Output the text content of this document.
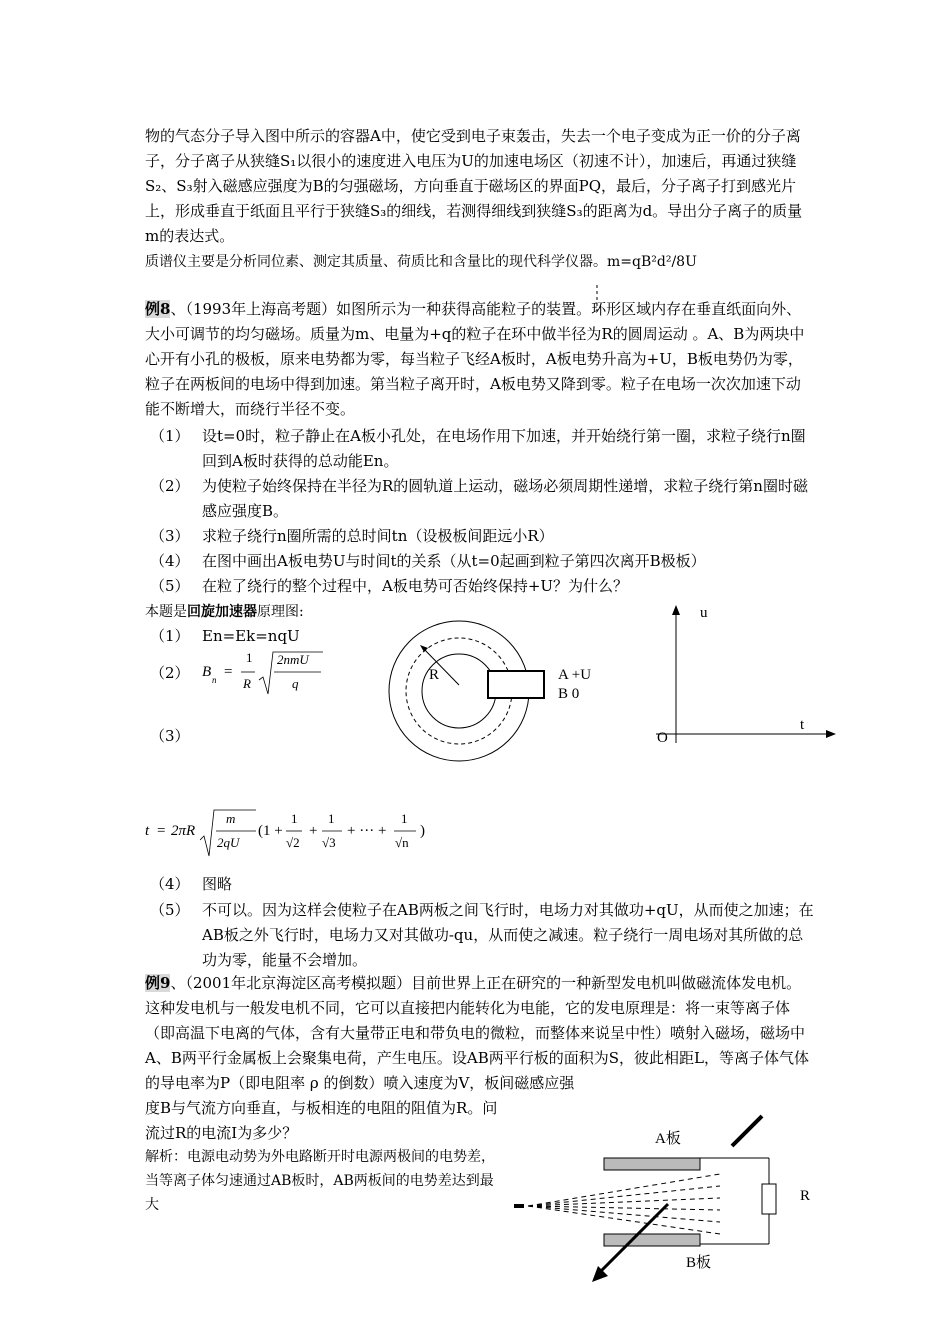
物的气态分子导入图中所示的容器A中，使它受到电子束轰击，失去一个电子变成为正一价的分子离子，分子离子从狭缝S₁以很小的速度进入电压为U的加速电场区（初速不计），加速后，再通过狭缝S₂、S₃射入磁感应强度为B的匀强磁场，方向垂直于磁场区的界面PQ，最后，分子离子打到感光片上，形成垂直于纸面且平行于狭缝S₃的细线，若测得细线到狭缝S₃的距离为d。导出分子离子的质量m的表达式。
质谱仪主要是分析同位素、测定其质量、荷质比和含量比的现代科学仪器。m=qB²d²/8U
例8、（1993年上海高考题）如图所示为一种获得高能粒子的装置。环形区域内存在垂直纸面向外、大小可调节的均匀磁场。质量为m、电量为+q的粒子在环中做半径为R的圆周运动 。A、B为两块中心开有小孔的极板，原来电势都为零，每当粒子飞经A板时，A板电势升高为+U，B板电势仍为零，粒子在两板间的电场中得到加速。第当粒子离开时，A板电势又降到零。粒子在电场一次次加速下动能不断增大，而绕行半径不变。
（1） 设t=0时，粒子静止在A板小孔处，在电场作用下加速，并开始绕行第一圈，求粒子绕行n圈回到A板时获得的总动能En。
（2） 为使粒子始终保持在半径为R的圆轨道上运动，磁场必须周期性递增，求粒子绕行第n圈时磁感应强度B。
（3） 求粒子绕行n圈所需的总时间tn（设极板间距远小R）
（4） 在图中画出A板电势U与时间t的关系（从t=0起画到粒子第四次离开B极板）
（5） 在粒了绕行的整个过程中，A板电势可否始终保持+U？为什么？
本题是回旋加速器原理图:
（1） En=Ek=nqU
（2）
（3）
B n =
1
R
2nmU
q
R	A +U
B 0
u
t
O
t = 2πR
m
2qU
(1 +
1
√2
+
1
√3
+ ··· +
1
√n
)
（4） 图略
（5） 不可以。因为这样会使粒子在AB两板之间飞行时，电场力对其做功+qU，从而使之加速；在AB板之外飞行时，电场力又对其做功-qu，从而使之减速。粒子绕行一周电场对其所做的总功为零，能量不会增加。
例9、（2001年北京海淀区高考模拟题）目前世界上正在研究的一种新型发电机叫做磁流体发电机。这种发电机与一般发电机不同，它可以直接把内能转化为电能，它的发电原理是：将一束等离子体（即高温下电离的气体，含有大量带正电和带负电的微粒，而整体来说呈中性）喷射入磁场，磁场中A、B两平行金属板上会聚集电荷，产生电压。设AB两平行板的面积为S，彼此相距L，等离子体气体的导电率为P（即电阻率 ρ 的倒数）喷入速度为V，板间磁感应强
度B与气流方向垂直，与板相连的电阻的阻值为R。问流过R的电流I为多少？
解析：电源电动势为外电路断开时电源两极间的电势差，当等离子体匀速通过AB板时，AB两板间的电势差达到最大
A板
B板
R
